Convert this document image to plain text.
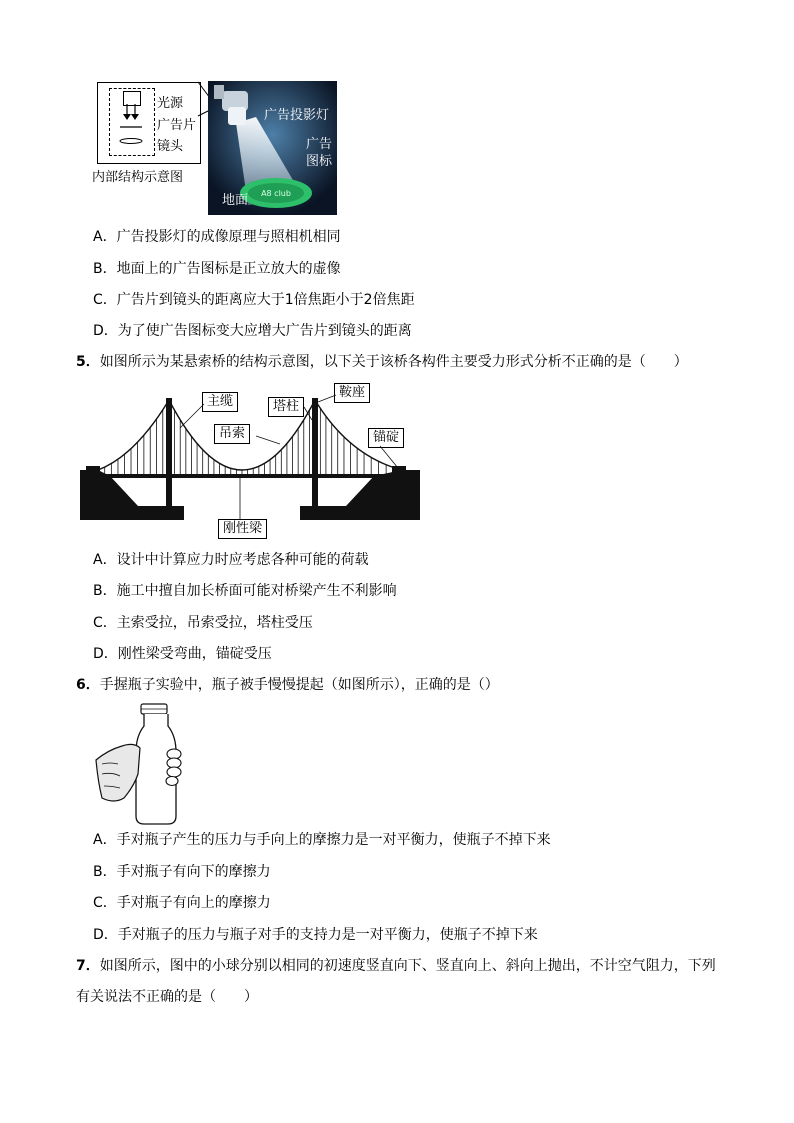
光源
广告片
镜头
内部结构示意图
A8 club
广告投影灯
广告
图标
地面
A．广告投影灯的成像原理与照相机相同
B．地面上的广告图标是正立放大的虚像
C．广告片到镜头的距离应大于1倍焦距小于2倍焦距
D．为了使广告图标变大应增大广告片到镜头的距离
5．如图所示为某悬索桥的结构示意图，以下关于该桥各构件主要受力形式分析不正确的是（　　）
主缆	塔柱
鞍座
吊索	锚碇
刚性梁
A．设计中计算应力时应考虑各种可能的荷载
B．施工中擅自加长桥面可能对桥梁产生不利影响
C．主索受拉，吊索受拉，塔柱受压
D．刚性梁受弯曲，锚碇受压
6．手握瓶子实验中，瓶子被手慢慢提起（如图所示），正确的是（）
A．手对瓶子产生的压力与手向上的摩擦力是一对平衡力，使瓶子不掉下来
B．手对瓶子有向下的摩擦力
C．手对瓶子有向上的摩擦力
D．手对瓶子的压力与瓶子对手的支持力是一对平衡力，使瓶子不掉下来
7．如图所示，图中的小球分别以相同的初速度竖直向下、竖直向上、斜向上抛出，不计空气阻力，下列
有关说法不正确的是（　　）
